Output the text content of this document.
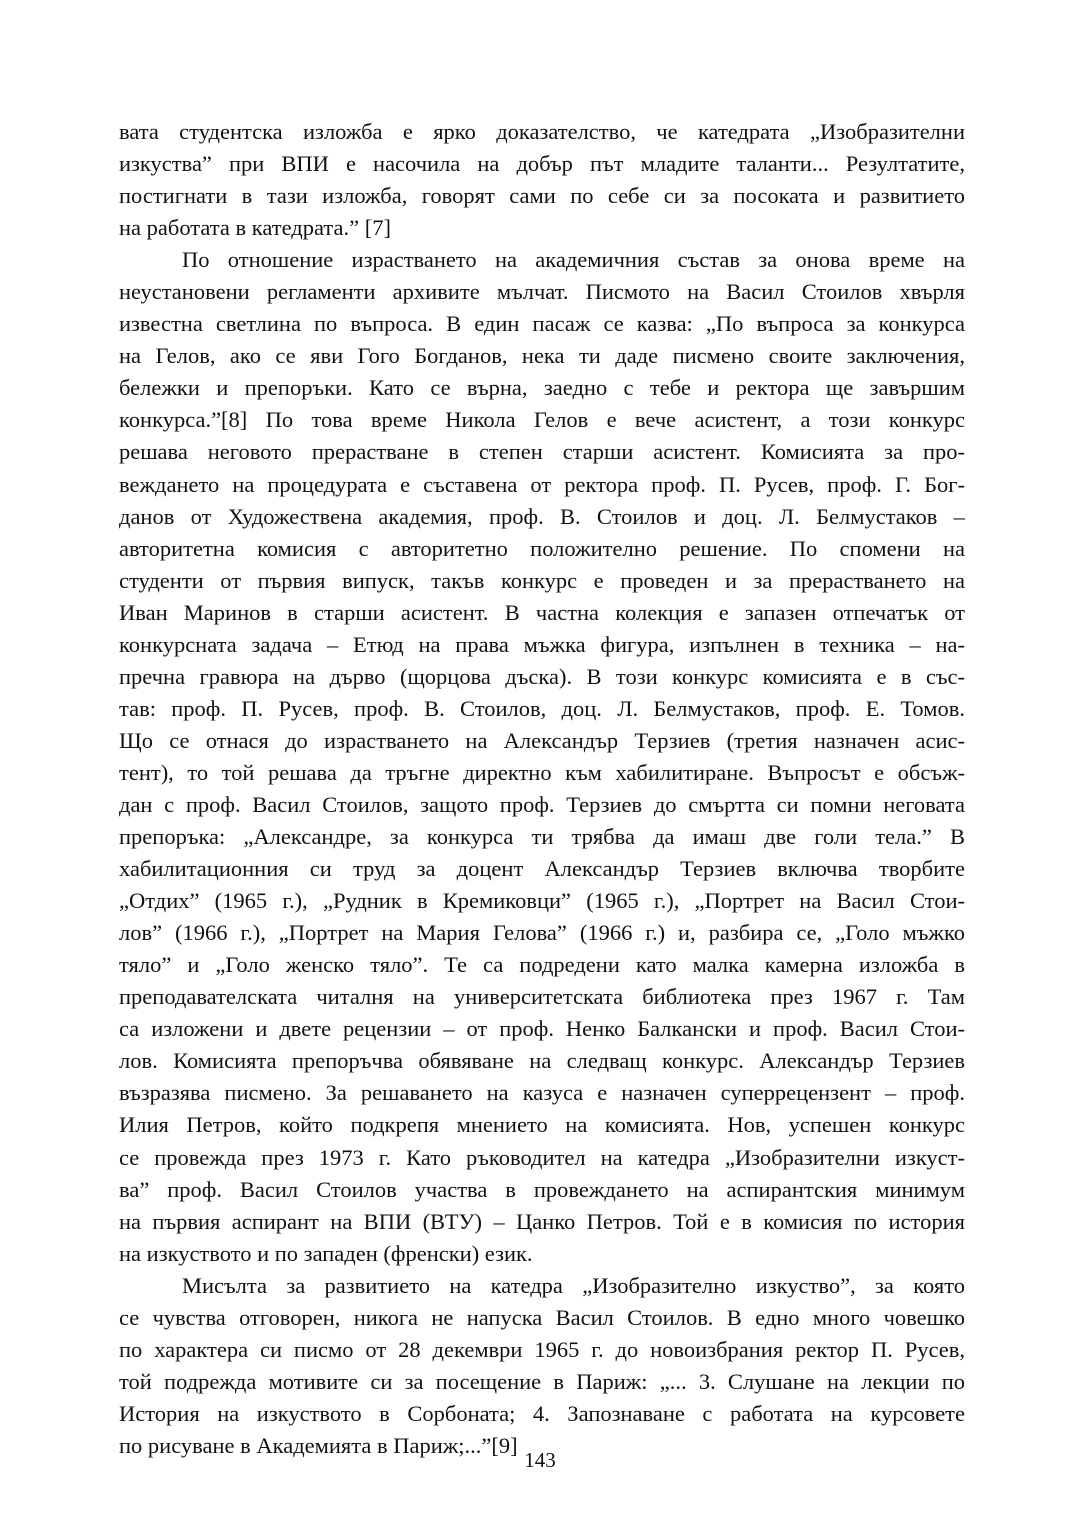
вата студентска изложба е ярко доказателство, че катедрата „Изобразителни
изкуства” при ВПИ е насочила на добър път младите таланти... Резултатите,
постигнати в тази изложба, говорят сами по себе си за посоката и развитието
на работата в катедрата.” [7]

По отношение израстването на академичния състав за онова време на
неустановени регламенти архивите мълчат. Писмото на Васил Стоилов хвърля
известна светлина по въпроса. В един пасаж се казва: „По въпроса за конкурса
на Гелов, ако се яви Гого Богданов, нека ти даде писмено своите заключения,
бележки и препоръки. Като се върна, заедно с тебе и ректора ще завършим
конкурса.”[8] По това време Никола Гелов е вече асистент, а този конкурс
решава неговото прерастване в степен старши асистент. Комисията за про-
веждането на процедурата е съставена от ректора проф. П. Русев, проф. Г. Бог-
данов от Художествена академия, проф. В. Стоилов и доц. Л. Белмустаков –
авторитетна комисия с авторитетно положително решение. По спомени на
студенти от първия випуск, такъв конкурс е проведен и за прерастването на
Иван Маринов в старши асистент. В частна колекция е запазен отпечатък от
конкурсната задача – Етюд на права мъжка фигура, изпълнен в техника – на-
пречна гравюра на дърво (щорцова дъска). В този конкурс комисията е в със-
тав: проф. П. Русев, проф. В. Стоилов, доц. Л. Белмустаков, проф. Е. Томов.
Що се отнася до израстването на Александър Терзиев (третия назначен асис-
тент), то той решава да тръгне директно към хабилитиране. Въпросът е обсъж-
дан с проф. Васил Стоилов, защото проф. Терзиев до смъртта си помни неговата
препоръка: „Александре, за конкурса ти трябва да имаш две голи тела.” В
хабилитационния си труд за доцент Александър Терзиев включва творбите
„Отдих” (1965 г.), „Рудник в Кремиковци” (1965 г.), „Портрет на Васил Стои-
лов” (1966 г.), „Портрет на Мария Гелова” (1966 г.) и, разбира се, „Голо мъжко
тяло” и „Голо женско тяло”. Те са подредени като малка камерна изложба в
преподавателската читалня на университетската библиотека през 1967 г. Там
са изложени и двете рецензии – от проф. Ненко Балкански и проф. Васил Стои-
лов. Комисията препоръчва обявяване на следващ конкурс. Александър Терзиев
възразява писмено. За решаването на казуса е назначен суперрецензент – проф.
Илия Петров, който подкрепя мнението на комисията. Нов, успешен конкурс
се провежда през 1973 г. Като ръководител на катедра „Изобразителни изкуст-
ва” проф. Васил Стоилов участва в провеждането на аспирантския минимум
на първия аспирант на ВПИ (ВТУ) – Цанко Петров. Той е в комисия по история
на изкуството и по западен (френски) език.

Мисълта за развитието на катедра „Изобразително изкуство”, за която
се чувства отговорен, никога не напуска Васил Стоилов. В едно много човешко
по характера си писмо от 28 декември 1965 г. до новоизбрания ректор П. Русев,
той подрежда мотивите си за посещение в Париж: „... 3. Слушане на лекции по
История на изкуството в Сорбоната; 4. Запознаване с работата на курсовете
по рисуване в Академията в Париж;...”[9]

143
